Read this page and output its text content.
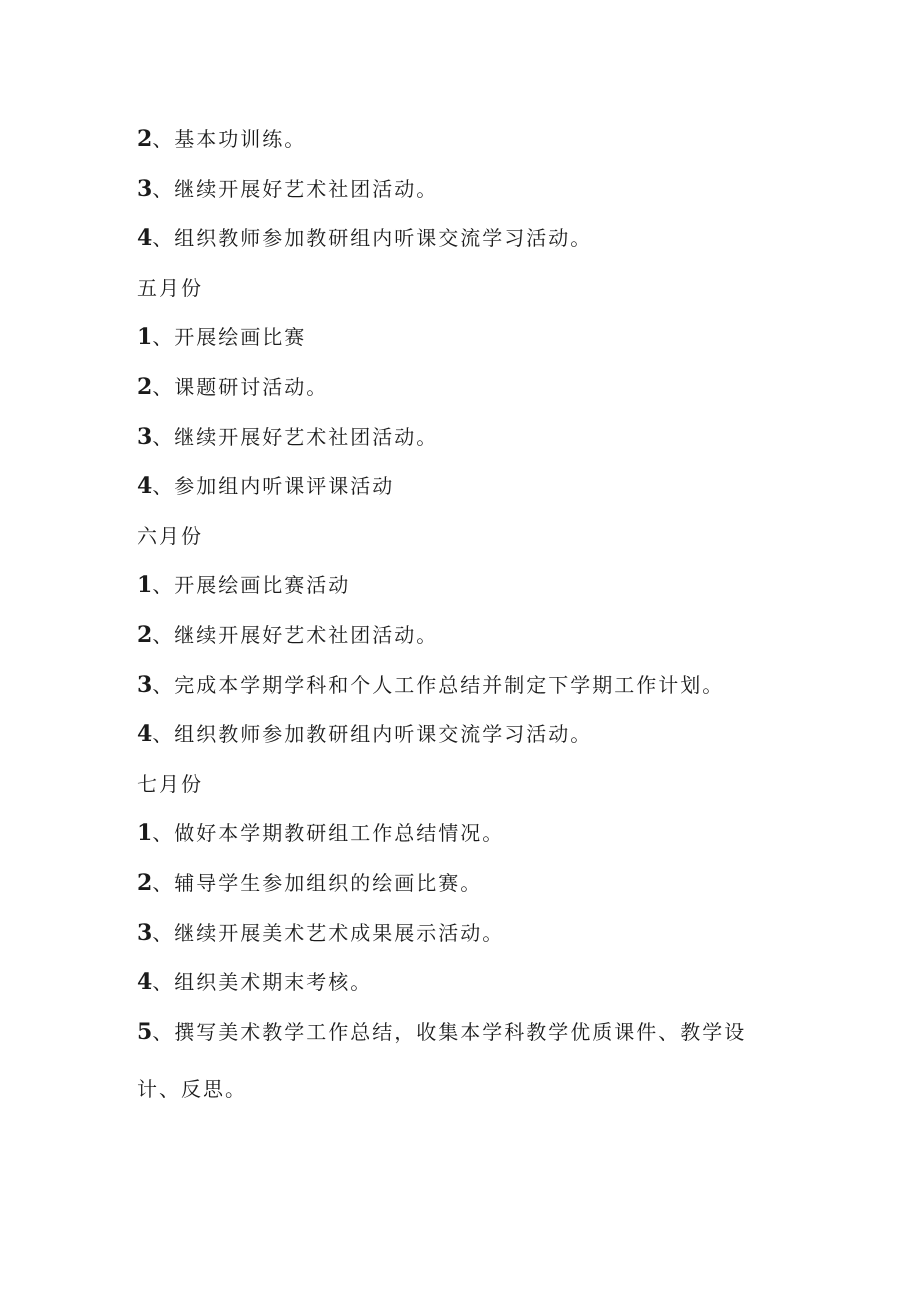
2、基本功训练。
3、继续开展好艺术社团活动。
4、组织教师参加教研组内听课交流学习活动。
五月份
1、开展绘画比赛
2、课题研讨活动。
3、继续开展好艺术社团活动。
4、参加组内听课评课活动
六月份
1、开展绘画比赛活动
2、继续开展好艺术社团活动。
3、完成本学期学科和个人工作总结并制定下学期工作计划。
4、组织教师参加教研组内听课交流学习活动。
七月份
1、做好本学期教研组工作总结情况。
2、辅导学生参加组织的绘画比赛。
3、继续开展美术艺术成果展示活动。
4、组织美术期末考核。
5、撰写美术教学工作总结，收集本学科教学优质课件、教学设
计、反思。
